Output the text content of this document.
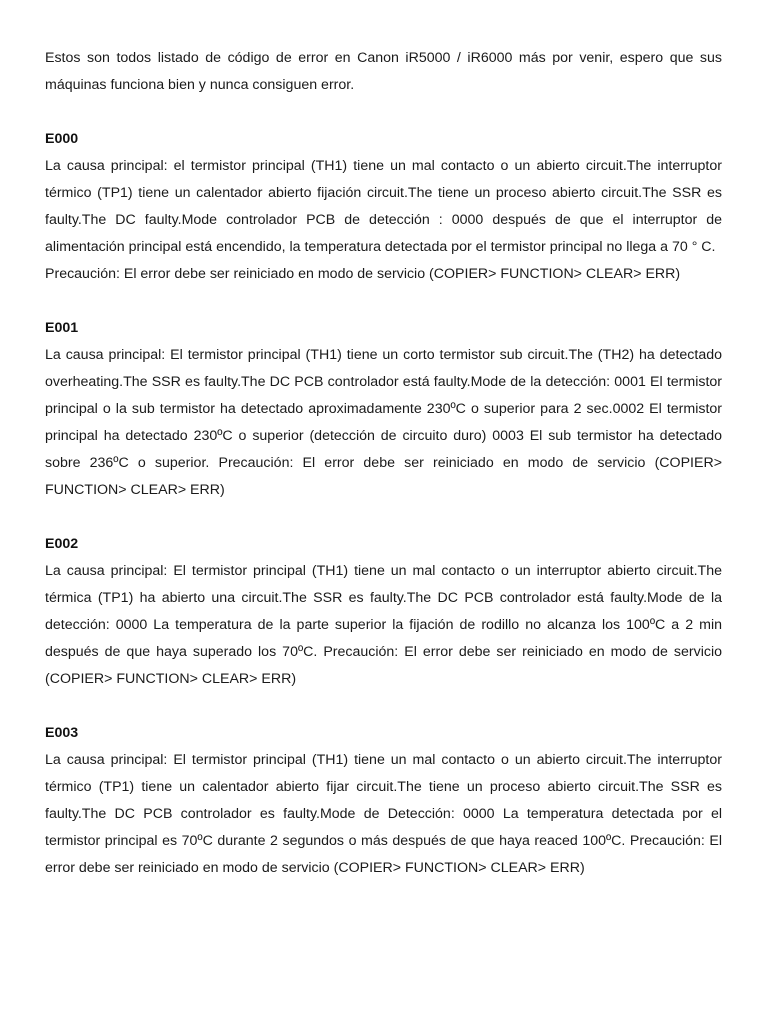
Estos son todos listado de código de error en Canon iR5000 / iR6000 más por venir, espero que sus máquinas funciona bien y nunca consiguen error.

E000

La causa principal: el termistor principal (TH1) tiene un mal contacto o un abierto circuit.The interruptor térmico (TP1) tiene un calentador abierto fijación circuit.The tiene un proceso abierto circuit.The SSR es faulty.The DC faulty.Mode controlador PCB de detección : 0000 después de que el interruptor de alimentación principal está encendido, la temperatura detectada por el termistor principal no llega a 70 ° C.

Precaución: El error debe ser reiniciado en modo de servicio (COPIER> FUNCTION> CLEAR> ERR)

E001

La causa principal: El termistor principal (TH1) tiene un corto termistor sub circuit.The (TH2) ha detectado overheating.The SSR es faulty.The DC PCB controlador está faulty.Mode de la detección: 0001 El termistor principal o la sub termistor ha detectado aproximadamente 230ºC o superior para 2 sec.0002 El termistor principal ha detectado 230ºC o superior (detección de circuito duro) 0003 El sub termistor ha detectado sobre 236ºC o superior. Precaución: El error debe ser reiniciado en modo de servicio (COPIER> FUNCTION> CLEAR> ERR)

E002

La causa principal: El termistor principal (TH1) tiene un mal contacto o un interruptor abierto circuit.The térmica (TP1) ha abierto una circuit.The SSR es faulty.The DC PCB controlador está faulty.Mode de la detección: 0000 La temperatura de la parte superior la fijación de rodillo no alcanza los 100ºC a 2 min después de que haya superado los 70ºC. Precaución: El error debe ser reiniciado en modo de servicio (COPIER> FUNCTION> CLEAR> ERR)

E003

La causa principal: El termistor principal (TH1) tiene un mal contacto o un abierto circuit.The interruptor térmico (TP1) tiene un calentador abierto fijar circuit.The tiene un proceso abierto circuit.The SSR es faulty.The DC PCB controlador es faulty.Mode de Detección: 0000 La temperatura detectada por el termistor principal es 70ºC durante 2 segundos o más después de que haya reaced 100ºC. Precaución: El error debe ser reiniciado en modo de servicio (COPIER> FUNCTION> CLEAR> ERR)
